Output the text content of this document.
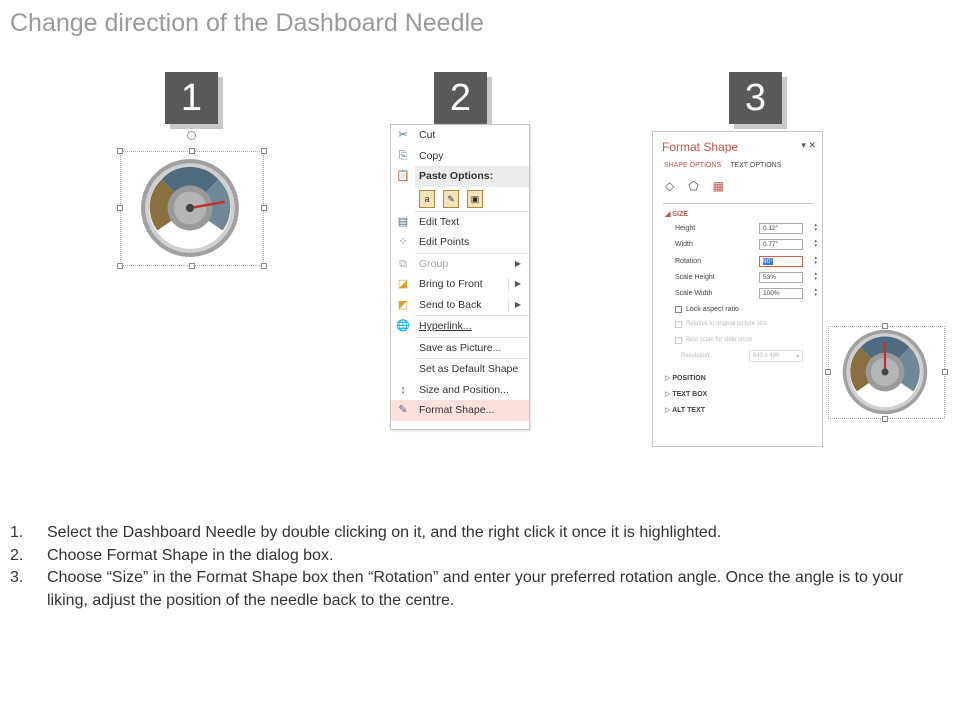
Change direction of the Dashboard Needle
1	2	3
✂ Cut
⎘ Copy
📋 Paste Options:
a	✎	▣
▤ Edit Text
⁘ Edit Points
⧉ Group	▶
◪ Bring to Front	▶
◩ Send to Back	▶
🌐 Hyperlink...
Save as Picture...
Set as Default Shape
↕	Size and Position...
✎ Format Shape...
Format Shape	▾ ✕
SHAPE OPTIONS TEXT OPTIONS
◇ ⬠ ▦
◢ SIZE
Height	0.12"	▴
▾
Width	0.77"	▴
▾
Rotation	90°	▴
▾
Scale Height	53%	▴
▾
Scale Width	100%	▴
▾
Lock aspect ratio
Relative to original picture size
Best scale for slide show
Resolution	640 x 480	▾
▷ POSITION
▷ TEXT BOX
▷ ALT TEXT
1. Select the Dashboard Needle by double clicking on it, and the right click it once it is highlighted.
2. Choose Format Shape in the dialog box.
3. Choose “Size” in the Format Shape box then “Rotation” and enter your preferred rotation angle. Once the angle is to your liking, adjust the position of the needle back to the centre.
